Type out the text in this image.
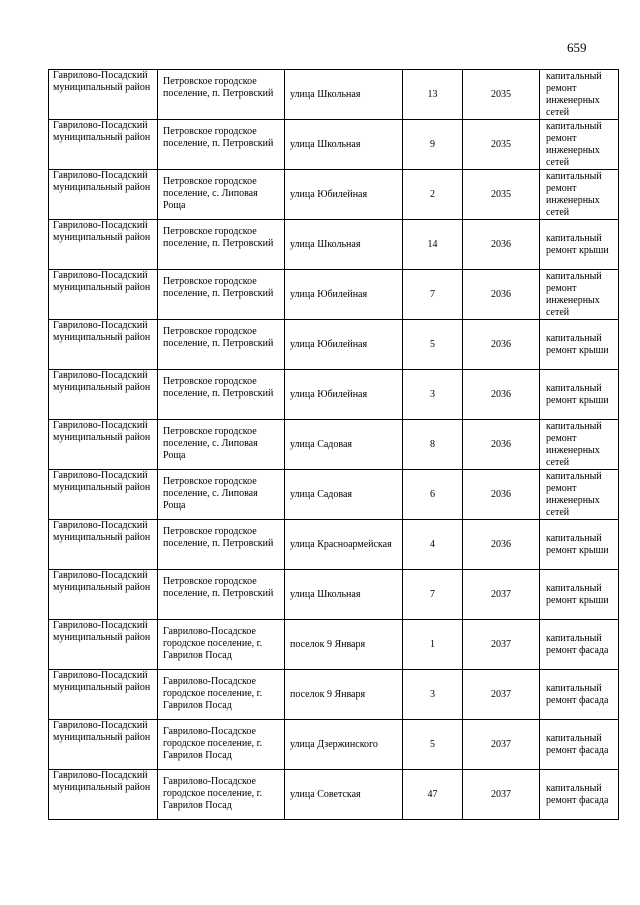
659
Гаврилово-Посадский муниципальный район	Петровское городское поселение, п. Петровский	улица Школьная	13	2035	капитальный ремонт инженерных сетей
Гаврилово-Посадский муниципальный район	Петровское городское поселение, п. Петровский	улица Школьная	9	2035	капитальный ремонт инженерных сетей
Гаврилово-Посадский муниципальный район	Петровское городское поселение, с. Липовая Роща	улица Юбилейная	2	2035	капитальный ремонт инженерных сетей
Гаврилово-Посадский муниципальный район	Петровское городское поселение, п. Петровский	улица Школьная	14	2036	капитальный ремонт крыши
Гаврилово-Посадский муниципальный район	Петровское городское поселение, п. Петровский	улица Юбилейная	7	2036	капитальный ремонт инженерных сетей
Гаврилово-Посадский муниципальный район	Петровское городское поселение, п. Петровский	улица Юбилейная	5	2036	капитальный ремонт крыши
Гаврилово-Посадский муниципальный район	Петровское городское поселение, п. Петровский	улица Юбилейная	3	2036	капитальный ремонт крыши
Гаврилово-Посадский муниципальный район	Петровское городское поселение, с. Липовая Роща	улица Садовая	8	2036	капитальный ремонт инженерных сетей
Гаврилово-Посадский муниципальный район	Петровское городское поселение, с. Липовая Роща	улица Садовая	6	2036	капитальный ремонт инженерных сетей
Гаврилово-Посадский муниципальный район	Петровское городское поселение, п. Петровский	улица Красноармейская	4	2036	капитальный ремонт крыши
Гаврилово-Посадский муниципальный район	Петровское городское поселение, п. Петровский	улица Школьная	7	2037	капитальный ремонт крыши
Гаврилово-Посадский муниципальный район	Гаврилово-Посадское городское поселение, г. Гаврилов Посад	поселок 9 Января	1	2037	капитальный ремонт фасада
Гаврилово-Посадский муниципальный район	Гаврилово-Посадское городское поселение, г. Гаврилов Посад	поселок 9 Января	3	2037	капитальный ремонт фасада
Гаврилово-Посадский муниципальный район	Гаврилово-Посадское городское поселение, г. Гаврилов Посад	улица Дзержинского	5	2037	капитальный ремонт фасада
Гаврилово-Посадский муниципальный район	Гаврилово-Посадское городское поселение, г. Гаврилов Посад	улица Советская	47	2037	капитальный ремонт фасада
